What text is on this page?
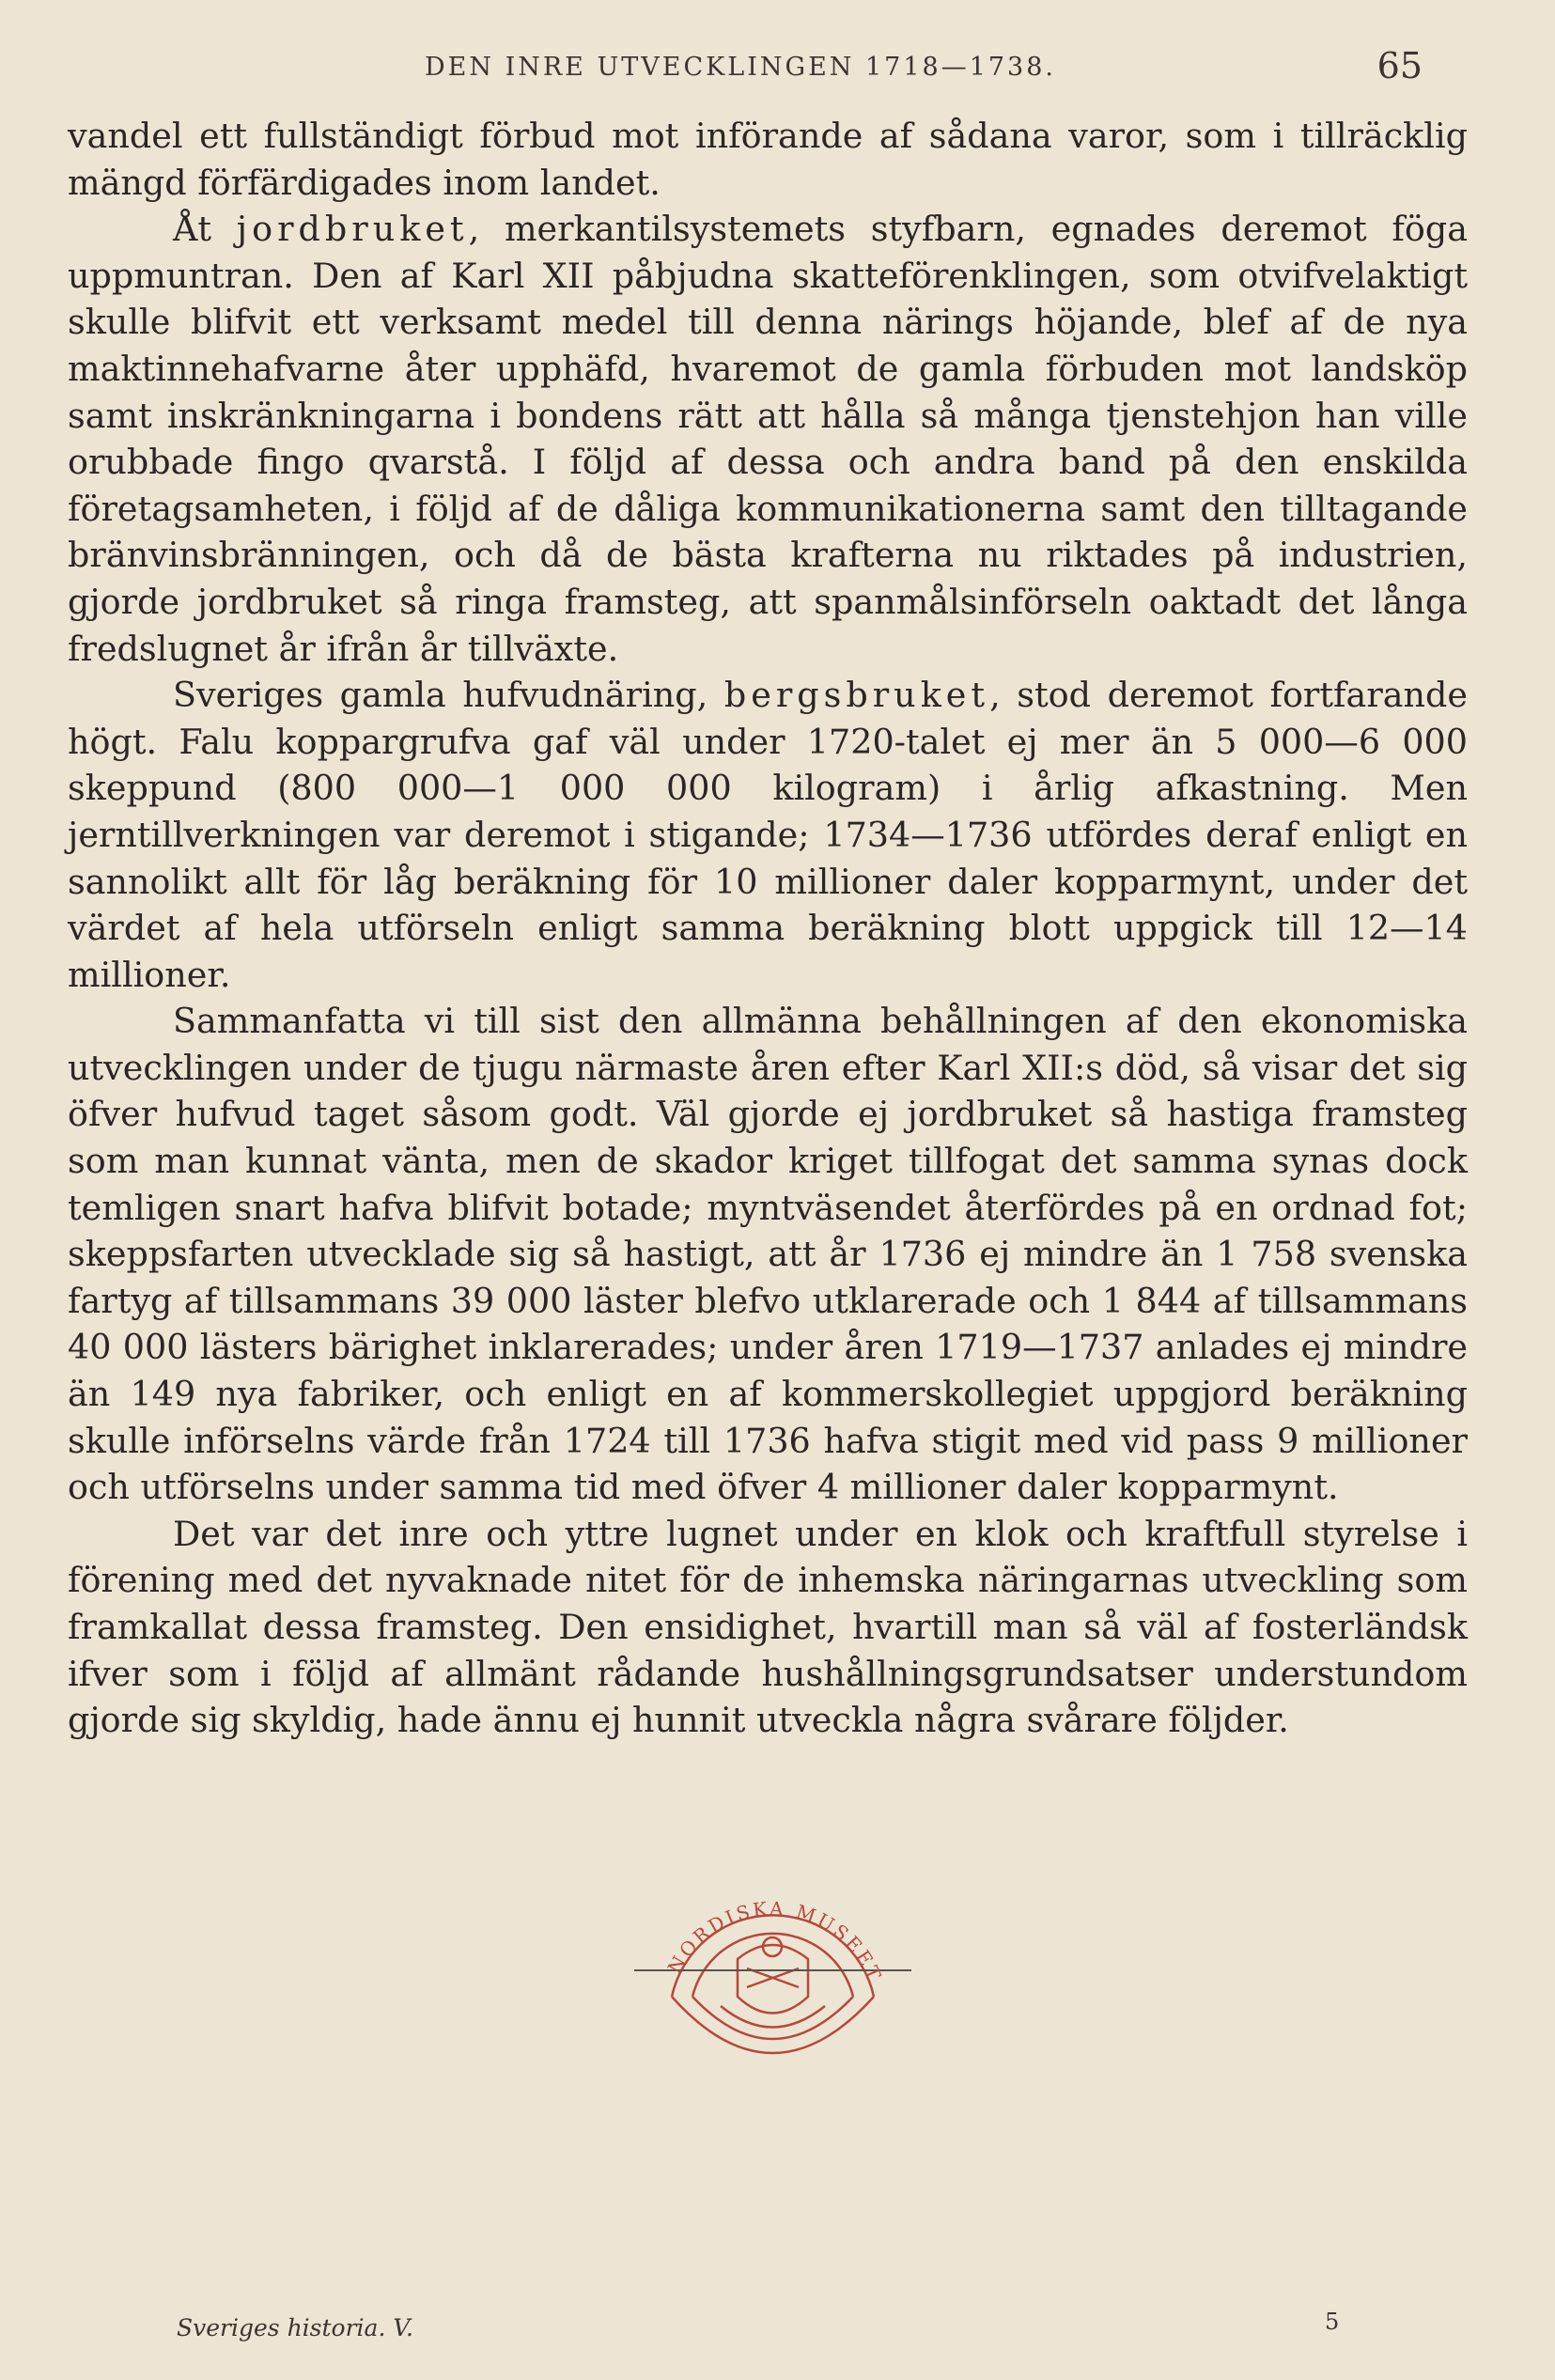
DEN INRE UTVECKLINGEN 1718—1738.	65

vandel ett fullständigt förbud mot införande af sådana varor, som i tillräcklig mängd förfärdigades inom landet.

Åt jordbruket, merkantilsystemets styfbarn, egnades deremot föga uppmuntran. Den af Karl XII påbjudna skatteförenklingen, som otvifvelaktigt skulle blifvit ett verksamt medel till denna närings höjande, blef af de nya maktinnehafvarne åter upphäfd, hvaremot de gamla förbuden mot landsköp samt inskränkningarna i bondens rätt att hålla så många tjenstehjon han ville orubbade fingo qvarstå. I följd af dessa och andra band på den enskilda företagsamheten, i följd af de dåliga kommunikationerna samt den tilltagande bränvinsbränningen, och då de bästa krafterna nu riktades på industrien, gjorde jordbruket så ringa framsteg, att spanmålsinförseln oaktadt det långa fredslugnet år ifrån år tillväxte.

Sveriges gamla hufvudnäring, bergsbruket, stod deremot fortfarande högt. Falu koppargrufva gaf väl under 1720-talet ej mer än 5 000—6 000 skeppund (800 000—1 000 000 kilogram) i årlig afkastning. Men jerntillverkningen var deremot i stigande; 1734—1736 utfördes deraf enligt en sannolikt allt för låg beräkning för 10 millioner daler kopparmynt, under det värdet af hela utförseln enligt samma beräkning blott uppgick till 12—14 millioner.

Sammanfatta vi till sist den allmänna behållningen af den ekonomiska utvecklingen under de tjugu närmaste åren efter Karl XII:s död, så visar det sig öfver hufvud taget såsom godt. Väl gjorde ej jordbruket så hastiga framsteg som man kunnat vänta, men de skador kriget tillfogat det samma synas dock temligen snart hafva blifvit botade; myntväsendet återfördes på en ordnad fot; skeppsfarten utvecklade sig så hastigt, att år 1736 ej mindre än 1 758 svenska fartyg af tillsammans 39 000 läster blefvo utklarerade och 1 844 af tillsammans 40 000 lästers bärighet inklarerades; under åren 1719—1737 anlades ej mindre än 149 nya fabriker, och enligt en af kommerskollegiet uppgjord beräkning skulle införselns värde från 1724 till 1736 hafva stigit med vid pass 9 millioner och utförselns under samma tid med öfver 4 millioner daler kopparmynt.

Det var det inre och yttre lugnet under en klok och kraftfull styrelse i förening med det nyvaknade nitet för de inhemska näringarnas utveckling som framkallat dessa framsteg. Den ensidighet, hvartill man så väl af fosterländsk ifver som i följd af allmänt rådande hushållningsgrundsatser understundom gjorde sig skyldig, hade ännu ej hunnit utveckla några svårare följder.

NORDISKA MUSEET
Sveriges historia. V.	5
